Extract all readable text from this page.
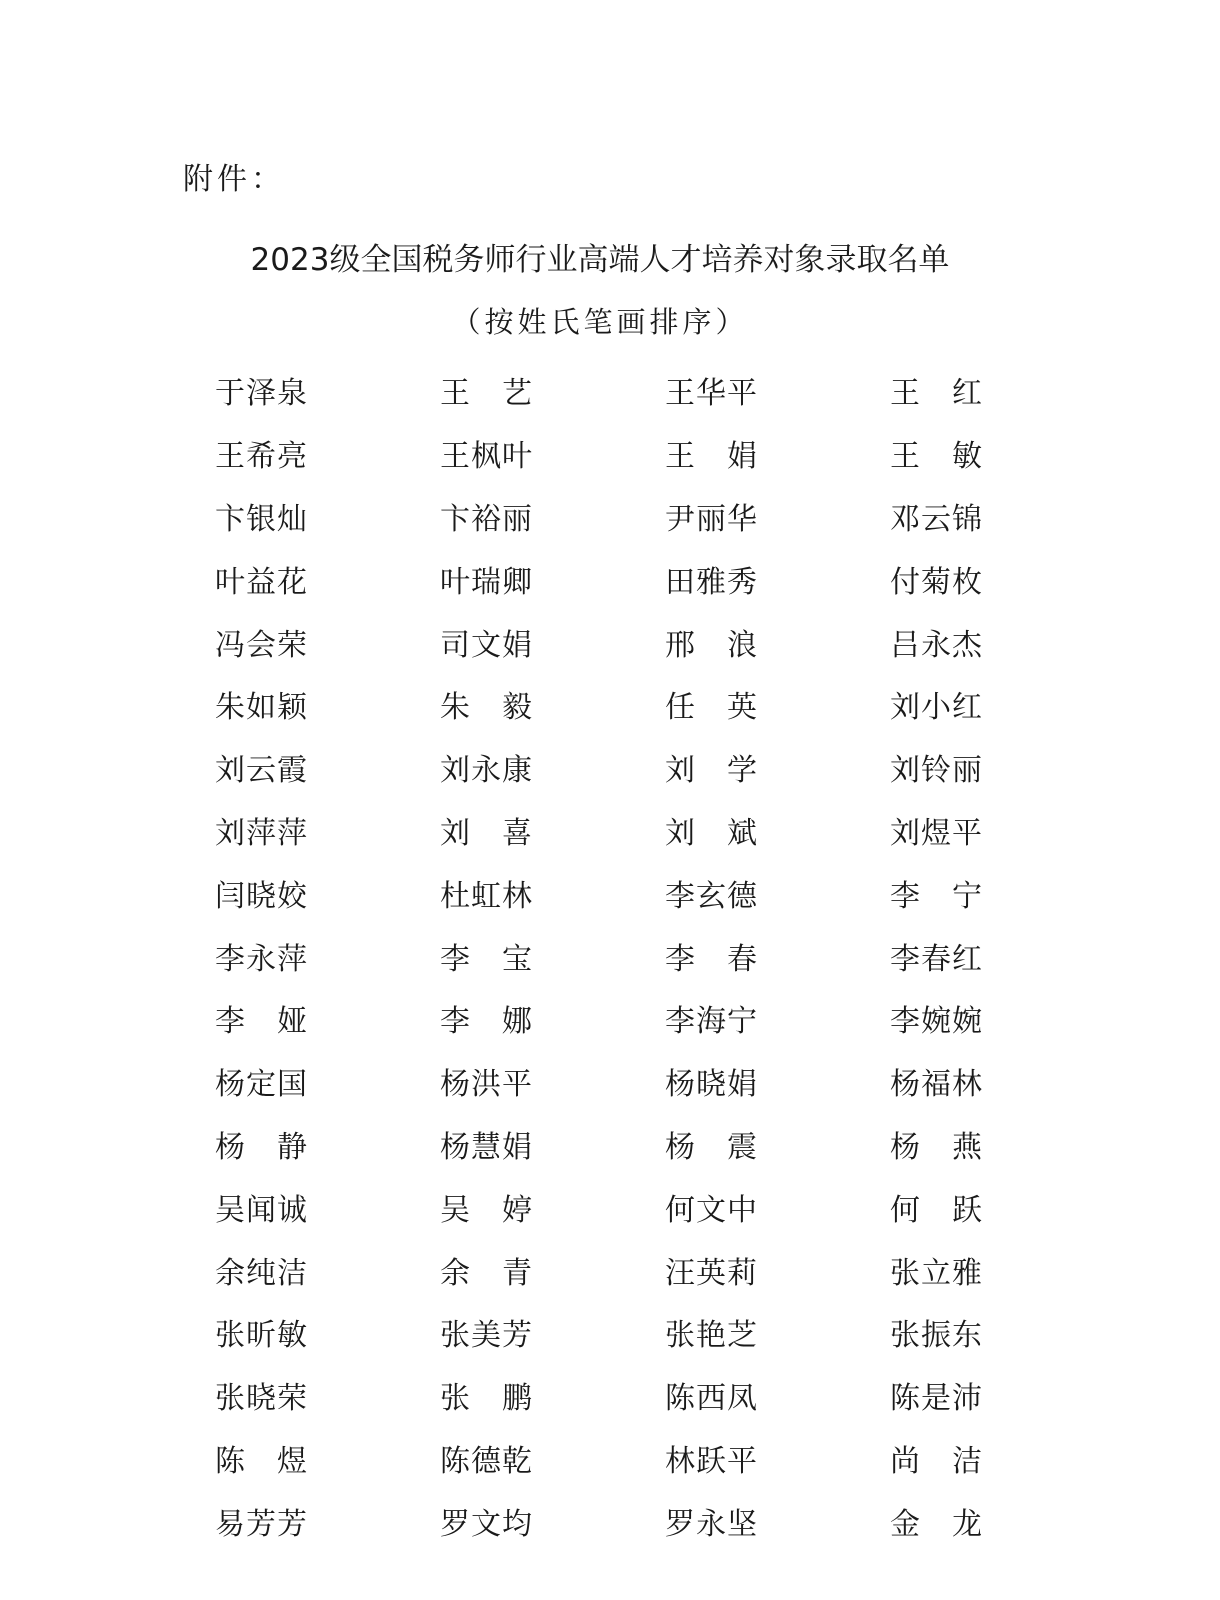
附件：
2023级全国税务师行业高端人才培养对象录取名单
（按姓氏笔画排序）
于 泽 泉	王 艺	王 华 平	王 红
王 希 亮	王 枫 叶	王 娟	王 敏
卞 银 灿	卞 裕 丽	尹 丽 华	邓 云 锦
叶 益 花	叶 瑞 卿	田 雅 秀	付 菊 枚
冯 会 荣	司 文 娟	邢 浪	吕 永 杰
朱 如 颖	朱 毅	任 英	刘 小 红
刘 云 霞	刘 永 康	刘 学	刘 铃 丽
刘 萍 萍	刘 喜	刘 斌	刘 煜 平
闫 晓 姣	杜 虹 林	李 玄 德	李 宁
李 永 萍	李 宝	李 春	李 春 红
李 娅	李 娜	李 海 宁	李 婉 婉
杨 定 国	杨 洪 平	杨 晓 娟	杨 福 林
杨 静	杨 慧 娟	杨 震	杨 燕
吴 闻 诚	吴 婷	何 文 中	何 跃
余 纯 洁	余 青	汪 英 莉	张 立 雅
张 昕 敏	张 美 芳	张 艳 芝	张 振 东
张 晓 荣	张 鹏	陈 西 凤	陈 是 沛
陈 煜	陈 德 乾	林 跃 平	尚 洁
易 芳 芳	罗 文 均	罗 永 坚	金 龙
